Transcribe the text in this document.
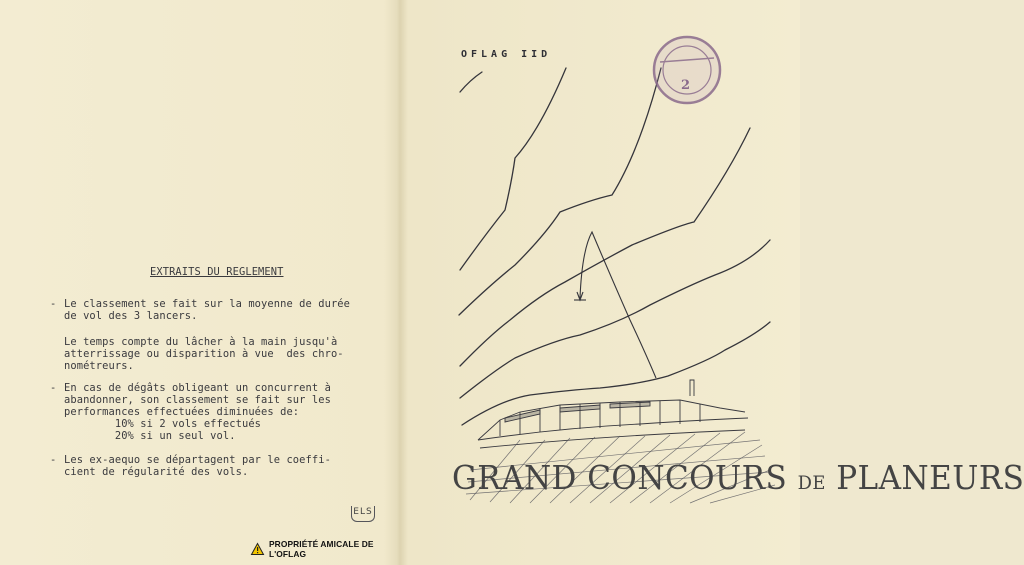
EXTRAITS DU REGLEMENT
- Le classement se fait sur la moyenne de durée
de vol des 3 lancers.
Le temps compte du lâcher à la main jusqu'à
atterrissage ou disparition à vue  des chro-
nométreurs.
- En cas de dégâts obligeant un concurrent à
abandonner, son classement se fait sur les
performances effectuées diminuées de:
10% si 2 vols effectués
20% si un seul vol.
- Les ex-aequo se départagent par le coeffi-
cient de régularité des vols.
ELS
PROPRIÉTÉ AMICALE DE L'OFLAG

OFLAG IID

2
GRAND CONCOURS DE PLANEURS
